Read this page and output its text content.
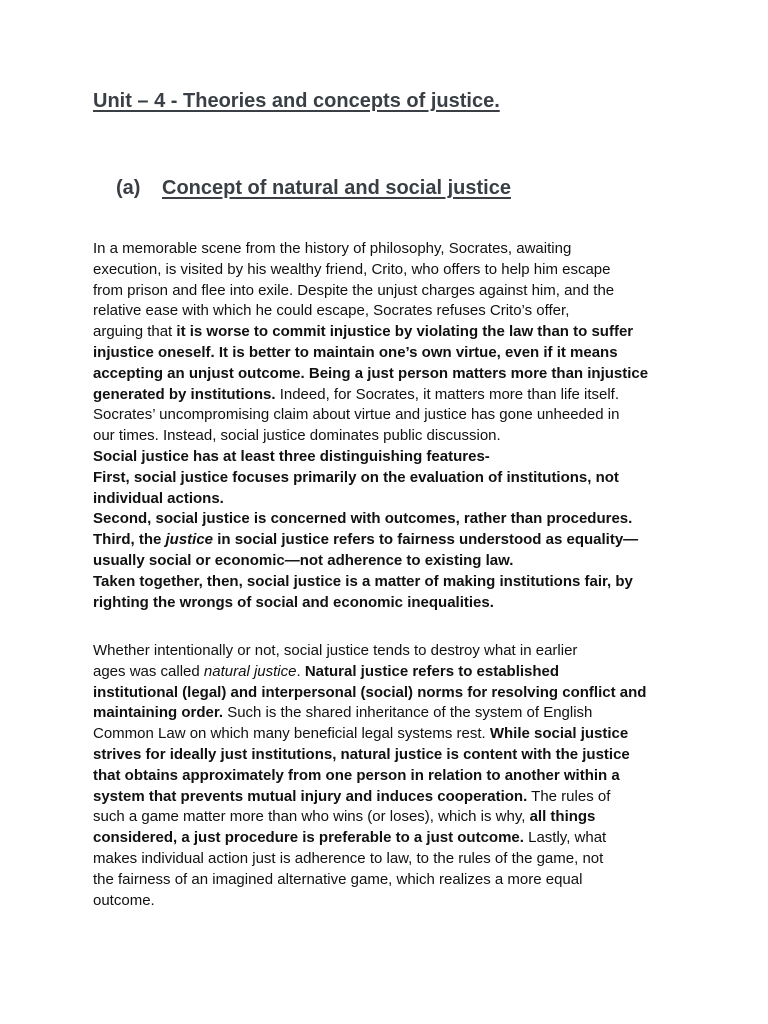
Unit – 4 - Theories and concepts of justice.
(a) Concept of natural and social justice
In a memorable scene from the history of philosophy, Socrates, awaiting
execution, is visited by his wealthy friend, Crito, who offers to help him escape
from prison and flee into exile. Despite the unjust charges against him, and the
relative ease with which he could escape, Socrates refuses Crito’s offer,
arguing that it is worse to commit injustice by violating the law than to suffer
injustice oneself. It is better to maintain one’s own virtue, even if it means
accepting an unjust outcome. Being a just person matters more than injustice
generated by institutions. Indeed, for Socrates, it matters more than life itself.
Socrates’ uncompromising claim about virtue and justice has gone unheeded in
our times. Instead, social justice dominates public discussion.
Social justice has at least three distinguishing features-
First, social justice focuses primarily on the evaluation of institutions, not
individual actions.
Second, social justice is concerned with outcomes, rather than procedures.
Third, the justice in social justice refers to fairness understood as equality—
usually social or economic—not adherence to existing law.
Taken together, then, social justice is a matter of making institutions fair, by
righting the wrongs of social and economic inequalities.
Whether intentionally or not, social justice tends to destroy what in earlier
ages was called natural justice. Natural justice refers to established
institutional (legal) and interpersonal (social) norms for resolving conflict and
maintaining order. Such is the shared inheritance of the system of English
Common Law on which many beneficial legal systems rest. While social justice
strives for ideally just institutions, natural justice is content with the justice
that obtains approximately from one person in relation to another within a
system that prevents mutual injury and induces cooperation. The rules of
such a game matter more than who wins (or loses), which is why, all things
considered, a just procedure is preferable to a just outcome. Lastly, what
makes individual action just is adherence to law, to the rules of the game, not
the fairness of an imagined alternative game, which realizes a more equal
outcome.
